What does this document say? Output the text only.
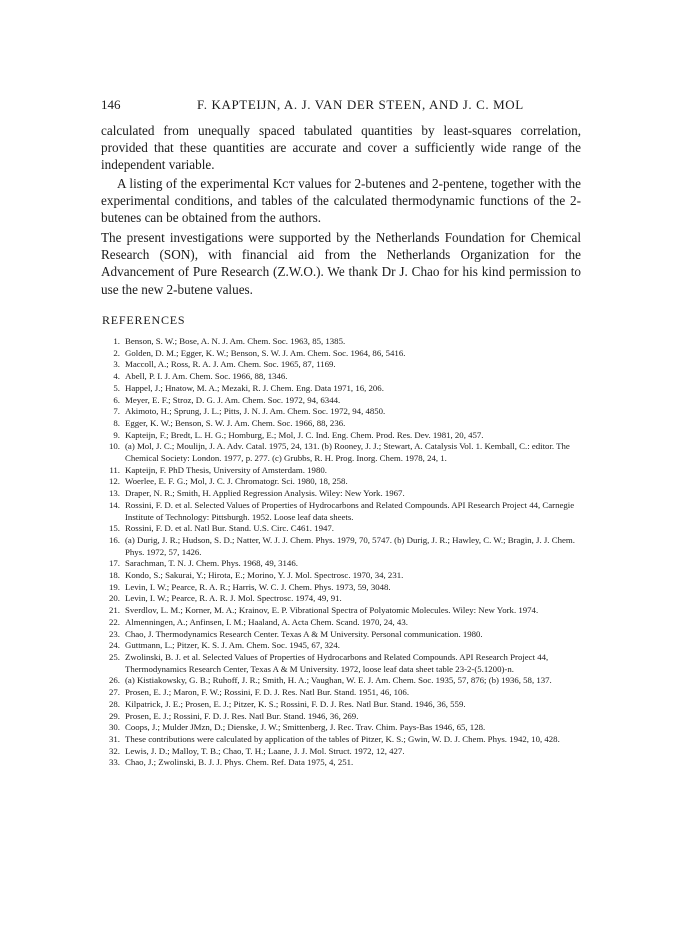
146	F. KAPTEIJN, A. J. VAN DER STEEN, AND J. C. MOL

calculated from unequally spaced tabulated quantities by least-squares correlation, provided that these quantities are accurate and cover a sufficiently wide range of the independent variable.

A listing of the experimental Kᴄᴛ values for 2-butenes and 2-pentene, together with the experimental conditions, and tables of the calculated thermodynamic functions of the 2-butenes can be obtained from the authors.

The present investigations were supported by the Netherlands Foundation for Chemical Research (SON), with financial aid from the Netherlands Organization for the Advancement of Pure Research (Z.W.O.). We thank Dr J. Chao for his kind permission to use the new 2-butene values.

REFERENCES
1. Benson, S. W.; Bose, A. N. J. Am. Chem. Soc. 1963, 85, 1385.
2. Golden, D. M.; Egger, K. W.; Benson, S. W. J. Am. Chem. Soc. 1964, 86, 5416.
3. Maccoll, A.; Ross, R. A. J. Am. Chem. Soc. 1965, 87, 1169.
4. Abell, P. I. J. Am. Chem. Soc. 1966, 88, 1346.
5. Happel, J.; Hnatow, M. A.; Mezaki, R. J. Chem. Eng. Data 1971, 16, 206.
6. Meyer, E. F.; Stroz, D. G. J. Am. Chem. Soc. 1972, 94, 6344.
7. Akimoto, H.; Sprung, J. L.; Pitts, J. N. J. Am. Chem. Soc. 1972, 94, 4850.
8. Egger, K. W.; Benson, S. W. J. Am. Chem. Soc. 1966, 88, 236.
9. Kapteijn, F.; Bredt, L. H. G.; Homburg, E.; Mol, J. C. Ind. Eng. Chem. Prod. Res. Dev. 1981, 20, 457.
10. (a) Mol, J. C.; Moulijn, J. A. Adv. Catal. 1975, 24, 131. (b) Rooney, J. J.; Stewart, A. Catalysis Vol. 1. Kemball, C.: editor. The Chemical Society: London. 1977, p. 277. (c) Grubbs, R. H. Prog. Inorg. Chem. 1978, 24, 1.
11. Kapteijn, F. PhD Thesis, University of Amsterdam. 1980.
12. Woerlee, E. F. G.; Mol, J. C. J. Chromatogr. Sci. 1980, 18, 258.
13. Draper, N. R.; Smith, H. Applied Regression Analysis. Wiley: New York. 1967.
14. Rossini, F. D. et al. Selected Values of Properties of Hydrocarbons and Related Compounds. API Research Project 44, Carnegie Institute of Technology: Pittsburgh. 1952. Loose leaf data sheets.
15. Rossini, F. D. et al. Natl Bur. Stand. U.S. Circ. C461. 1947.
16. (a) Durig, J. R.; Hudson, S. D.; Natter, W. J. J. Chem. Phys. 1979, 70, 5747. (b) Durig, J. R.; Hawley, C. W.; Bragin, J. J. Chem. Phys. 1972, 57, 1426.
17. Sarachman, T. N. J. Chem. Phys. 1968, 49, 3146.
18. Kondo, S.; Sakurai, Y.; Hirota, E.; Morino, Y. J. Mol. Spectrosc. 1970, 34, 231.
19. Levin, I. W.; Pearce, R. A. R.; Harris, W. C. J. Chem. Phys. 1973, 59, 3048.
20. Levin, I. W.; Pearce, R. A. R. J. Mol. Spectrosc. 1974, 49, 91.
21. Sverdlov, L. M.; Korner, M. A.; Krainov, E. P. Vibrational Spectra of Polyatomic Molecules. Wiley: New York. 1974.
22. Almenningen, A.; Anfinsen, I. M.; Haaland, A. Acta Chem. Scand. 1970, 24, 43.
23. Chao, J. Thermodynamics Research Center. Texas A & M University. Personal communication. 1980.
24. Guttmann, L.; Pitzer, K. S. J. Am. Chem. Soc. 1945, 67, 324.
25. Zwolinski, B. J. et al. Selected Values of Properties of Hydrocarbons and Related Compounds. API Research Project 44, Thermodynamics Research Center, Texas A & M University. 1972, loose leaf data sheet table 23-2-(5.1200)-n.
26. (a) Kistiakowsky, G. B.; Ruhoff, J. R.; Smith, H. A.; Vaughan, W. E. J. Am. Chem. Soc. 1935, 57, 876; (b) 1936, 58, 137.
27. Prosen, E. J.; Maron, F. W.; Rossini, F. D. J. Res. Natl Bur. Stand. 1951, 46, 106.
28. Kilpatrick, J. E.; Prosen, E. J.; Pitzer, K. S.; Rossini, F. D. J. Res. Natl Bur. Stand. 1946, 36, 559.
29. Prosen, E. J.; Rossini, F. D. J. Res. Natl Bur. Stand. 1946, 36, 269.
30. Coops, J.; Mulder JMzn, D.; Dienske, J. W.; Smittenberg, J. Rec. Trav. Chim. Pays-Bas 1946, 65, 128.
31. These contributions were calculated by application of the tables of Pitzer, K. S.; Gwin, W. D. J. Chem. Phys. 1942, 10, 428.
32. Lewis, J. D.; Malloy, T. B.; Chao, T. H.; Laane, J. J. Mol. Struct. 1972, 12, 427.
33. Chao, J.; Zwolinski, B. J. J. Phys. Chem. Ref. Data 1975, 4, 251.
